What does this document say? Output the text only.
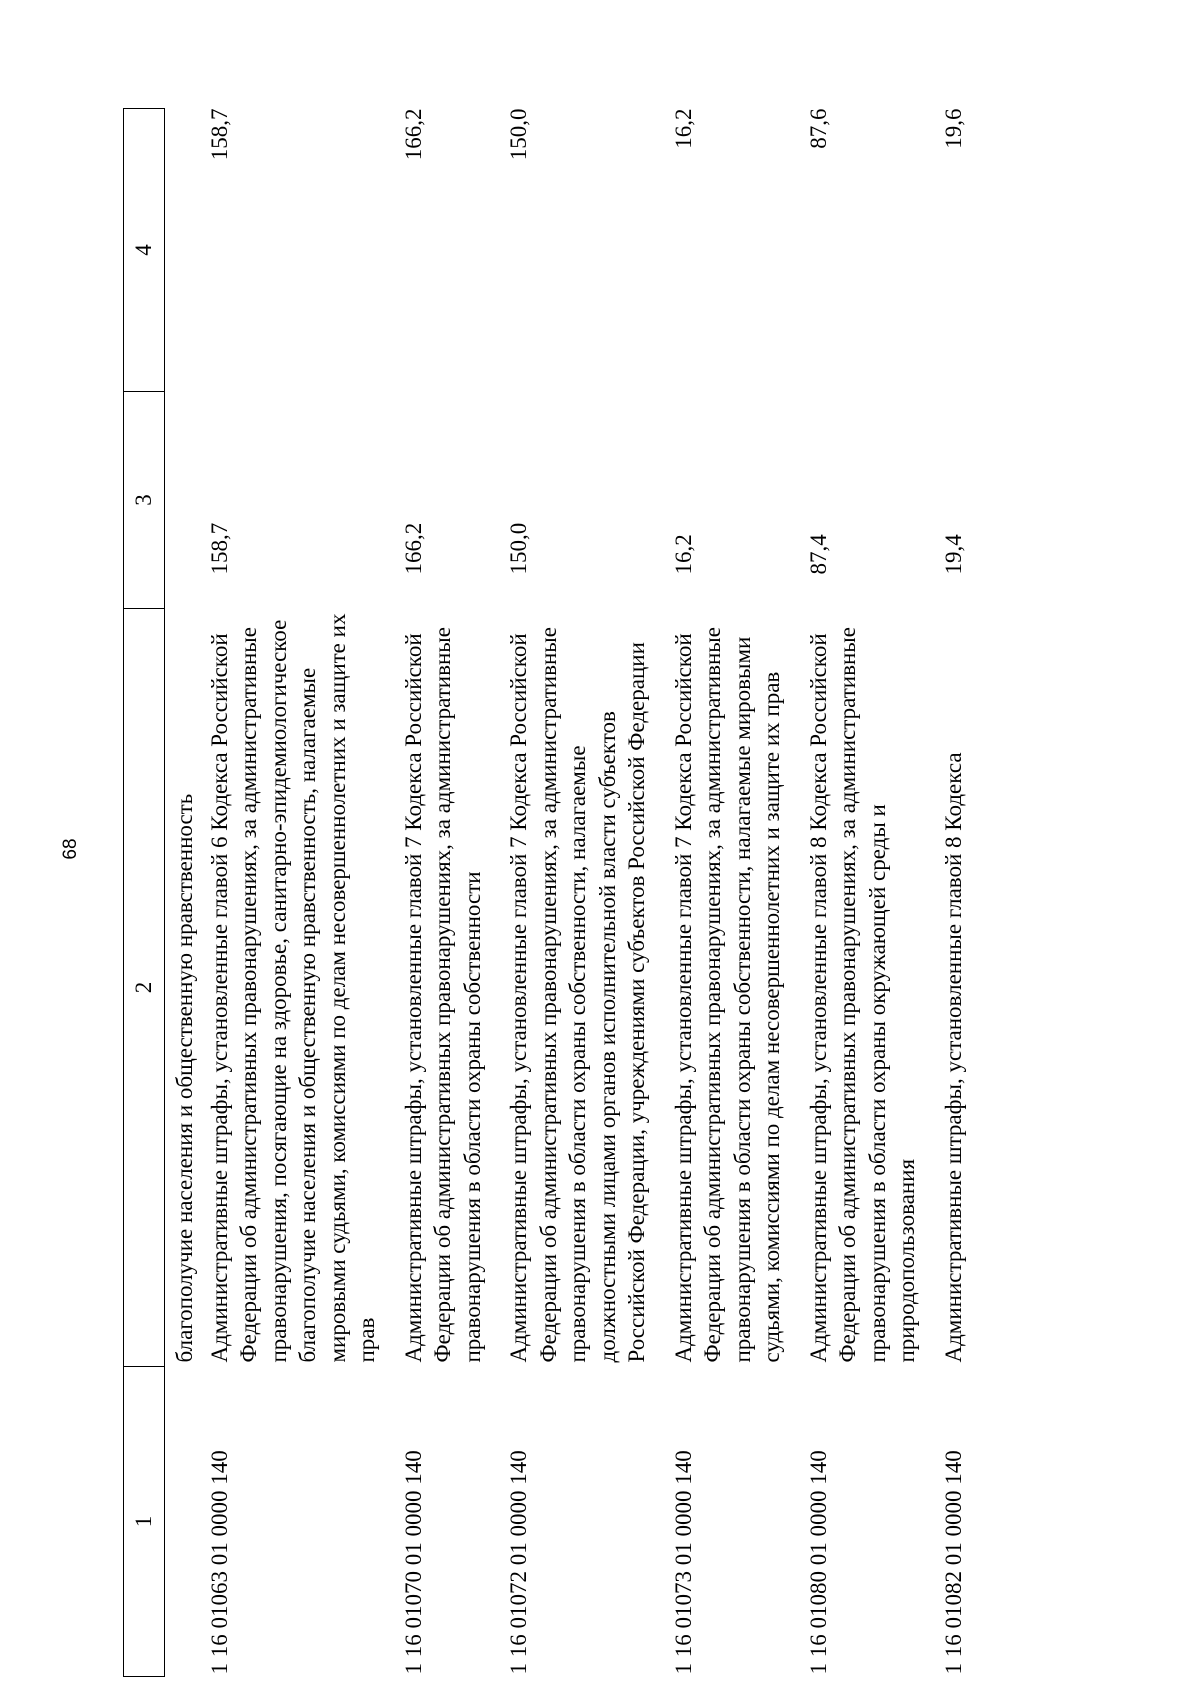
68
1	2	3	4
	благополучие населения и общественную нравственность		
1 16 01063 01 0000 140	Административные штрафы, установленные главой 6 Кодекса Российской Федерации об административных правонарушениях, за административные правонарушения, посягающие на здоровье, санитарно-эпидемиологическое благополучие населения и общественную нравственность, налагаемые мировыми судьями, комиссиями по делам несовершеннолетних и защите их прав	158,7	158,7
1 16 01070 01 0000 140	Административные штрафы, установленные главой 7 Кодекса Российской Федерации об административных правонарушениях, за административные правонарушения в области охраны собственности	166,2	166,2
1 16 01072 01 0000 140	Административные штрафы, установленные главой 7 Кодекса Российской Федерации об административных правонарушениях, за административные правонарушения в области охраны собственности, налагаемые должностными лицами органов исполнительной власти субъектов Российской Федерации, учреждениями субъектов Российской Федерации	150,0	150,0
1 16 01073 01 0000 140	Административные штрафы, установленные главой 7 Кодекса Российской Федерации об административных правонарушениях, за административные правонарушения в области охраны собственности, налагаемые мировыми судьями, комиссиями по делам несовершеннолетних и защите их прав	16,2	16,2
1 16 01080 01 0000 140	Административные штрафы, установленные главой 8 Кодекса Российской Федерации об административных правонарушениях, за административные правонарушения в области охраны окружающей среды и природопользования	87,4	87,6
1 16 01082 01 0000 140	Административные штрафы, установленные главой 8 Кодекса	19,4	19,6
